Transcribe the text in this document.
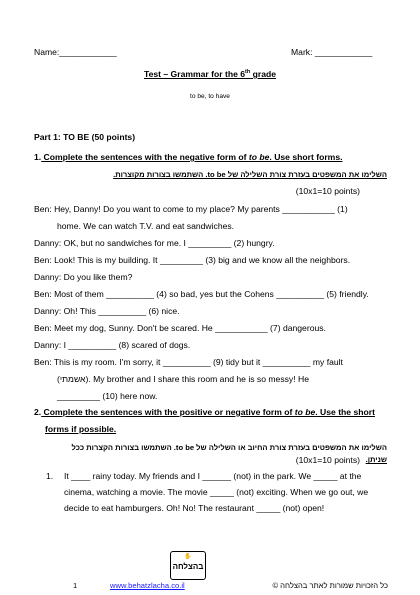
Name:____________	Mark: ____________
Test – Grammar for the 6th grade
to be, to have
Part 1: TO BE (50 points)
1. Complete the sentences with the negative form of to be. Use short forms.
השלימו את המשפטים בעזרת צורת השלילה של to be. השתמשו בצורות מקוצרות.
(10x1=10 points)
Ben: Hey, Danny! Do you want to come to my place? My parents ___________ (1)
home. We can watch T.V. and eat sandwiches.
Danny: OK, but no sandwiches for me. I _________ (2) hungry.
Ben: Look! This is my building. It _________ (3) big and we know all the neighbors.
Danny: Do you like them?
Ben: Most of them __________ (4) so bad, yes but the Cohens __________ (5) friendly.
Danny: Oh! This __________ (6) nice.
Ben: Meet my dog, Sunny. Don't be scared. He ___________ (7) dangerous.
Danny: I __________ (8) scared of dogs.
Ben: This is my room. I'm sorry, it __________ (9) tidy but it __________ my fault
(אשמתי). My brother and I share this room and he is so messy! He
_________ (10) here now.
2. Complete the sentences with the positive or negative form of to be. Use the short
forms if possible.
השלימו את המשפטים בעזרת צורת החיוב או השלילה של to be. השתמשו בצורות הקצרות ככל
שניתן.
(10x1=10 points)
1. It ____ rainy today. My friends and I ______ (not) in the park. We _____ at the
cinema, watching a movie. The movie _____ (not) exciting. When we go out, we
decide to eat hamburgers. Oh! No! The restaurant _____ (not) open!
✋
בהצלחה
1	www.behatzlacha.co.il	כל הזכויות שמורות לאתר בהצלחה ©
